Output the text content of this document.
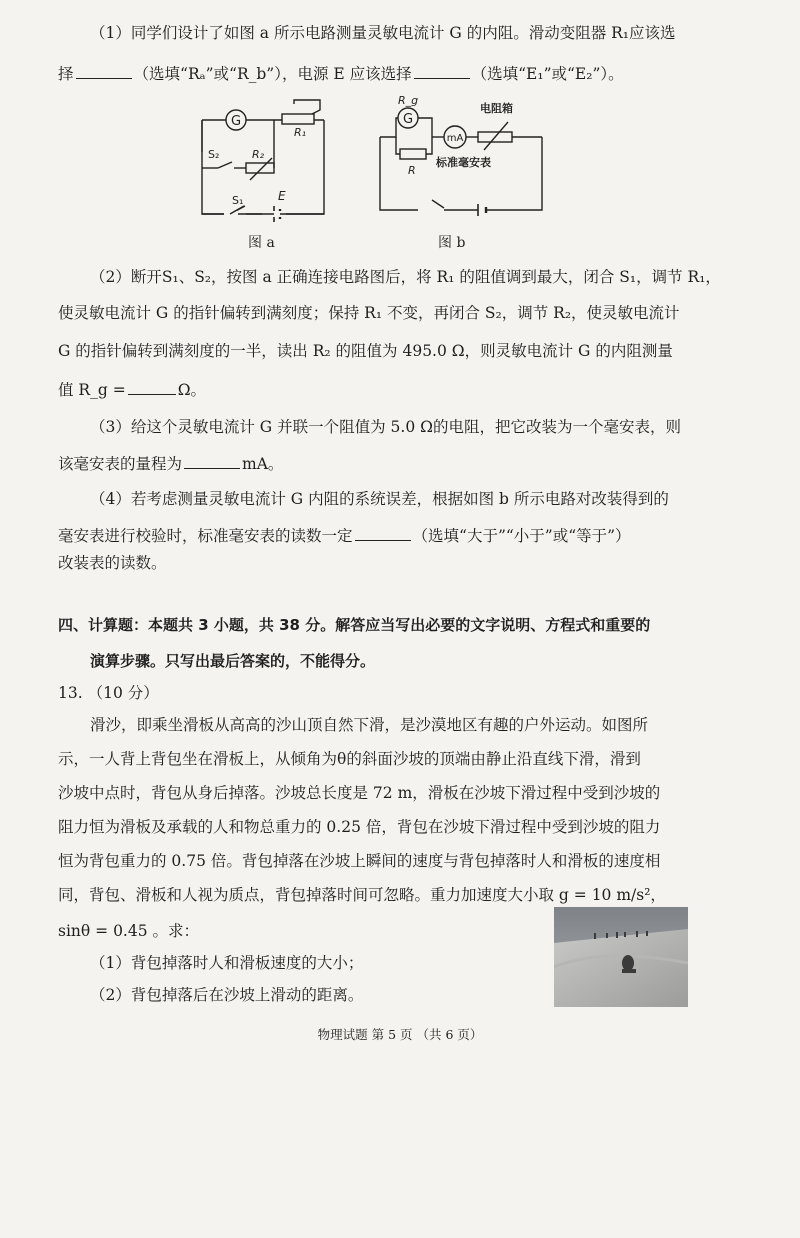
（1）同学们设计了如图 a 所示电路测量灵敏电流计 G 的内阻。滑动变阻器 R₁应该选
择	（选填“Rₐ”或“R_b”），电源 E 应该选择	（选填“E₁”或“E₂”）。
G
R₁
R₂
S₂
S₁	E
图 a
G
R_g
mA
R
电阻箱
标准毫安表
图 b
（2）断开S₁、S₂，按图 a 正确连接电路图后，将 R₁ 的阻值调到最大，闭合 S₁，调节 R₁，
使灵敏电流计 G 的指针偏转到满刻度；保持 R₁ 不变，再闭合 S₂，调节 R₂，使灵敏电流计
G 的指针偏转到满刻度的一半，读出 R₂ 的阻值为 495.0 Ω，则灵敏电流计 G 的内阻测量
值 R_g =	Ω。
（3）给这个灵敏电流计 G 并联一个阻值为 5.0 Ω的电阻，把它改装为一个毫安表，则
该毫安表的量程为	mA。
（4）若考虑测量灵敏电流计 G 内阻的系统误差，根据如图 b 所示电路对改装得到的
毫安表进行校验时，标准毫安表的读数一定	（选填“大于”“小于”或“等于”）
改装表的读数。
四、计算题：本题共 3 小题，共 38 分。解答应当写出必要的文字说明、方程式和重要的
演算步骤。只写出最后答案的，不能得分。
13. （10 分）
滑沙，即乘坐滑板从高高的沙山顶自然下滑，是沙漠地区有趣的户外运动。如图所
示，一人背上背包坐在滑板上，从倾角为θ的斜面沙坡的顶端由静止沿直线下滑，滑到
沙坡中点时，背包从身后掉落。沙坡总长度是 72 m，滑板在沙坡下滑过程中受到沙坡的
阻力恒为滑板及承载的人和物总重力的 0.25 倍，背包在沙坡下滑过程中受到沙坡的阻力
恒为背包重力的 0.75 倍。背包掉落在沙坡上瞬间的速度与背包掉落时人和滑板的速度相
同，背包、滑板和人视为质点，背包掉落时间可忽略。重力加速度大小取 g = 10 m/s²，
sinθ = 0.45 。求：
（1）背包掉落时人和滑板速度的大小；
（2）背包掉落后在沙坡上滑动的距离。
物理试题 第 5 页 （共 6 页）
